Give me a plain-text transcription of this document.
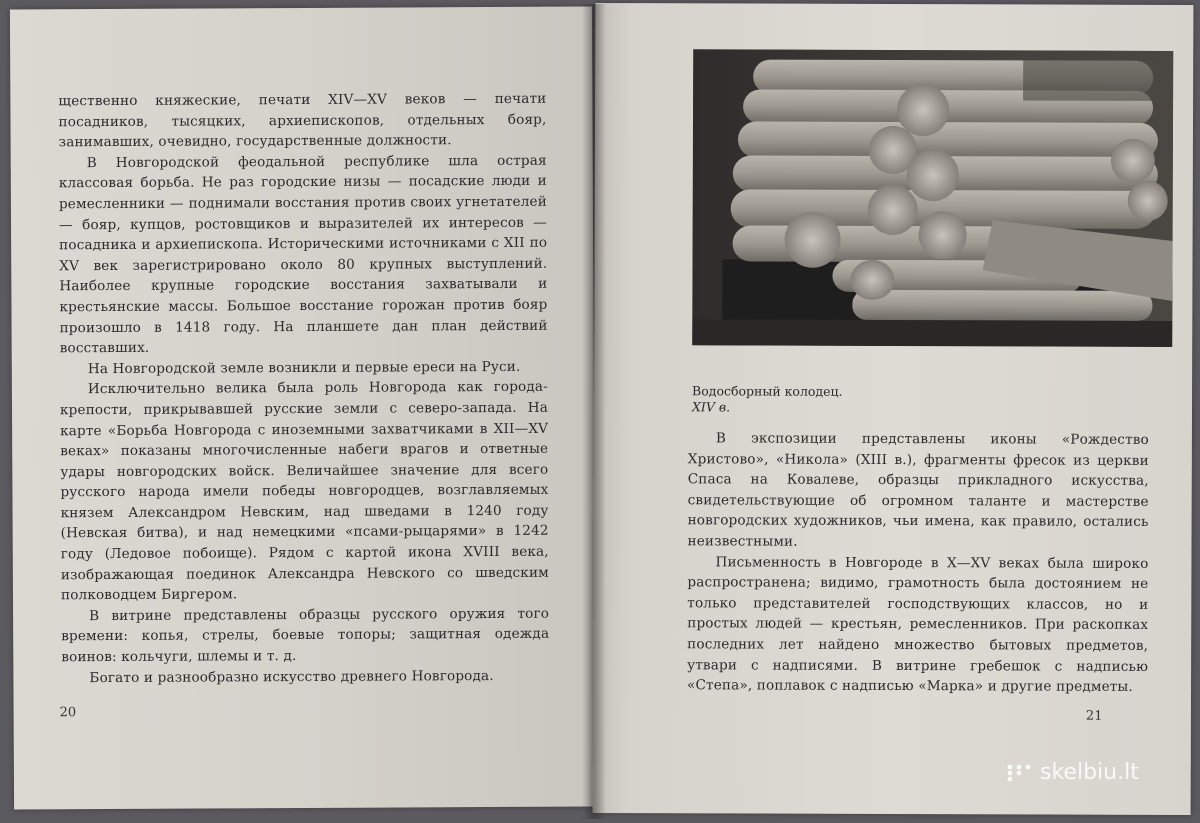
щественно княжеские, печати XIV—XV веков — печати посадников, тысяцких, архиепископов, отдельных бояр, занимавших, очевидно, государственные должности.

В Новгородской феодальной республике шла острая классовая борьба. Не раз городские низы — посадские люди и ремесленники — поднимали восстания против своих угнетателей — бояр, купцов, ростовщиков и выразителей их интересов — посадника и архиепископа. Историческими источниками с XII по XV век зарегистрировано около 80 крупных выступлений. Наиболее крупные городские восстания захватывали и крестьянские массы. Большое восстание горожан против бояр произошло в 1418 году. На планшете дан план действий восставших.

На Новгородской земле возникли и первые ереси на Руси.

Исключительно велика была роль Новгорода как города-крепости, прикрывавшей русские земли с северо-запада. На карте «Борьба Новгорода с иноземными захватчиками в XII—XV веках» показаны многочисленные набеги врагов и ответные удары новгородских войск. Величайшее значение для всего русского народа имели победы новгородцев, возглавляемых князем Александром Невским, над шведами в 1240 году (Невская битва), и над немецкими «псами-рыцарями» в 1242 году (Ледовое побоище). Рядом с картой икона XVIII века, изображающая поединок Александра Невского со шведским полководцем Биргером.

В витрине представлены образцы русского оружия того времени: копья, стрелы, боевые топоры; защитная одежда воинов: кольчуги, шлемы и т. д.

Богато и разнообразно искусство древнего Новгорода.

20
Водосборный колодец.
XIV в.

В экспозиции представлены иконы «Рождество Христово», «Никола» (XIII в.), фрагменты фресок из церкви Спаса на Ковалеве, образцы прикладного искусства, свидетельствующие об огромном таланте и мастерстве новгородских художников, чьи имена, как правило, остались неизвестными.

Письменность в Новгороде в X—XV веках была широко распространена; видимо, грамотность была достоянием не только представителей господствующих классов, но и простых людей — крестьян, ремесленников. При раскопках последних лет найдено множество бытовых предметов, утвари с надписями. В витрине гребешок с надписью «Степа», поплавок с надписью «Марка» и другие предметы.

21
skelbiu.lt
